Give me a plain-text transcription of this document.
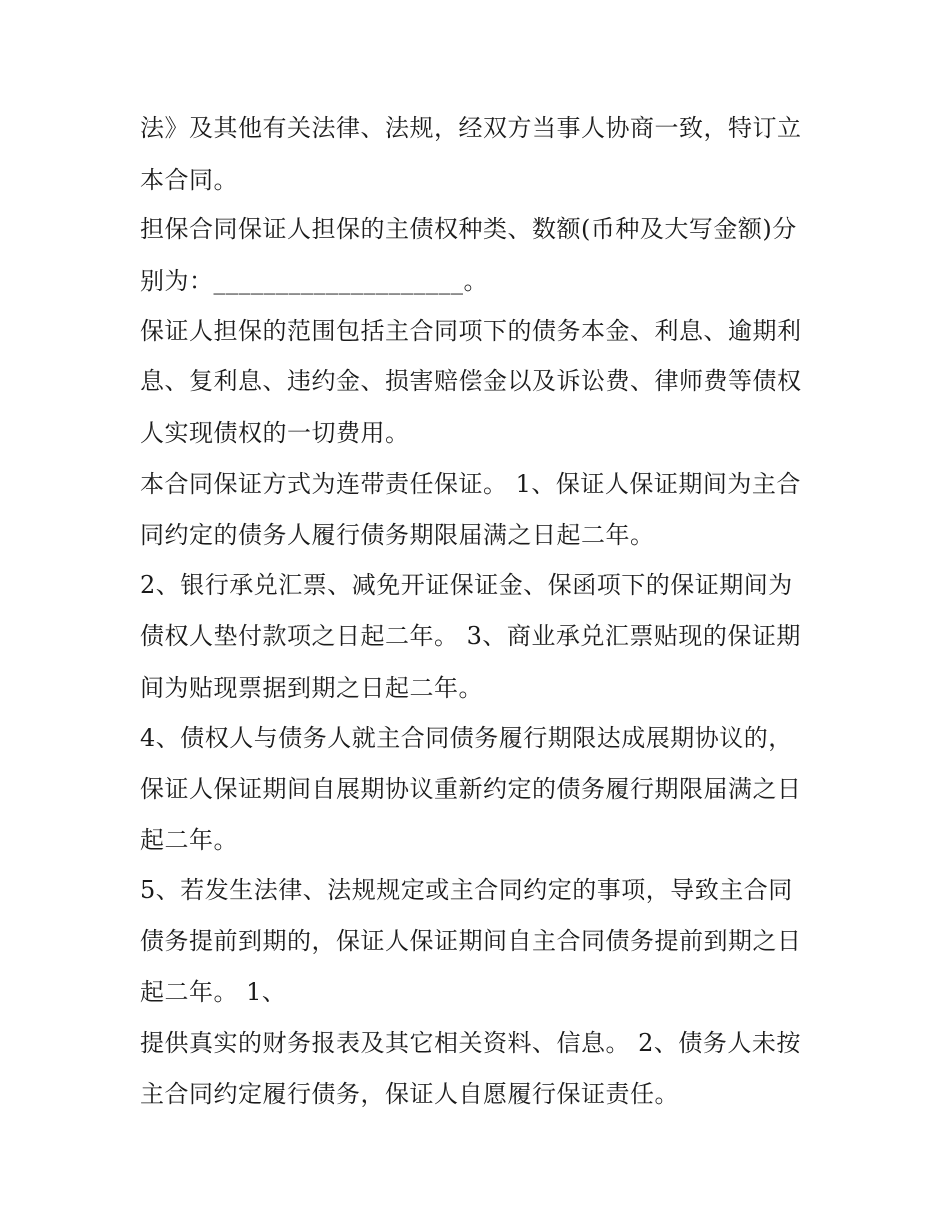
法》及其他有关法律、法规，经双方当事人协商一致，特订立
本合同。
担保合同保证人担保的主债权种类、数额(币种及大写金额)分
别为：____________________。
保证人担保的范围包括主合同项下的债务本金、利息、逾期利
息、复利息、违约金、损害赔偿金以及诉讼费、律师费等债权
人实现债权的一切费用。
本合同保证方式为连带责任保证。 1、保证人保证期间为主合
同约定的债务人履行债务期限届满之日起二年。
2、银行承兑汇票、减免开证保证金、保函项下的保证期间为
债权人垫付款项之日起二年。 3、商业承兑汇票贴现的保证期
间为贴现票据到期之日起二年。
4、债权人与债务人就主合同债务履行期限达成展期协议的，
保证人保证期间自展期协议重新约定的债务履行期限届满之日
起二年。
5、若发生法律、法规规定或主合同约定的事项，导致主合同
债务提前到期的，保证人保证期间自主合同债务提前到期之日
起二年。 1、
提供真实的财务报表及其它相关资料、信息。 2、债务人未按
主合同约定履行债务，保证人自愿履行保证责任。
